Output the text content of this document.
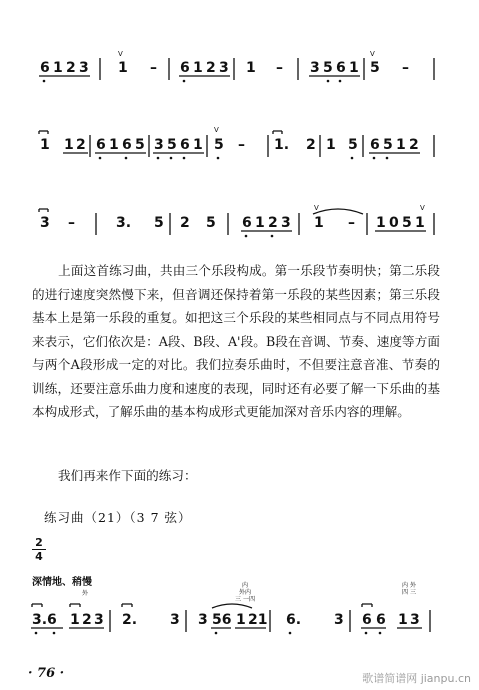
6 1 2 3 1 – 6 1 2 3 1 – 3 5 6 1 5 –
V	V
1 1 2 6 1 6 5 3 5 6 1 5 – 1. 2 1 5 6 5 1 2
V
3 –	3. 5 2 5 6 1 2 3 1 – 1 0 5 1
V	V
上面这首练习曲，共由三个乐段构成。第一乐段节奏明快；第二乐段的进行速度突然慢下来，但音调还保持着第一乐段的某些因素；第三乐段基本上是第一乐段的重复。如把这三个乐段的某些相同点与不同点用符号来表示，它们依次是：A段、B段、A'段。B段在音调、节奏、速度等方面与两个A段形成一定的对比。我们拉奏乐曲时，不但要注意音准、节奏的训练，还要注意乐曲力度和速度的表现，同时还有必要了解一下乐曲的基本构成形式，了解乐曲的基本构成形式更能加深对音乐内容的理解。
我们再来作下面的练习：
练习曲（21）（3 7 弦）
2
4
深情地、稍慢
外
内
外内
三 一四
内 外
四 三
3.6 1 2 3 2. 3 3 56 1 21 6. 3 6 6 1 3
· 76 ·	歌谱简谱网 jianpu.cn
